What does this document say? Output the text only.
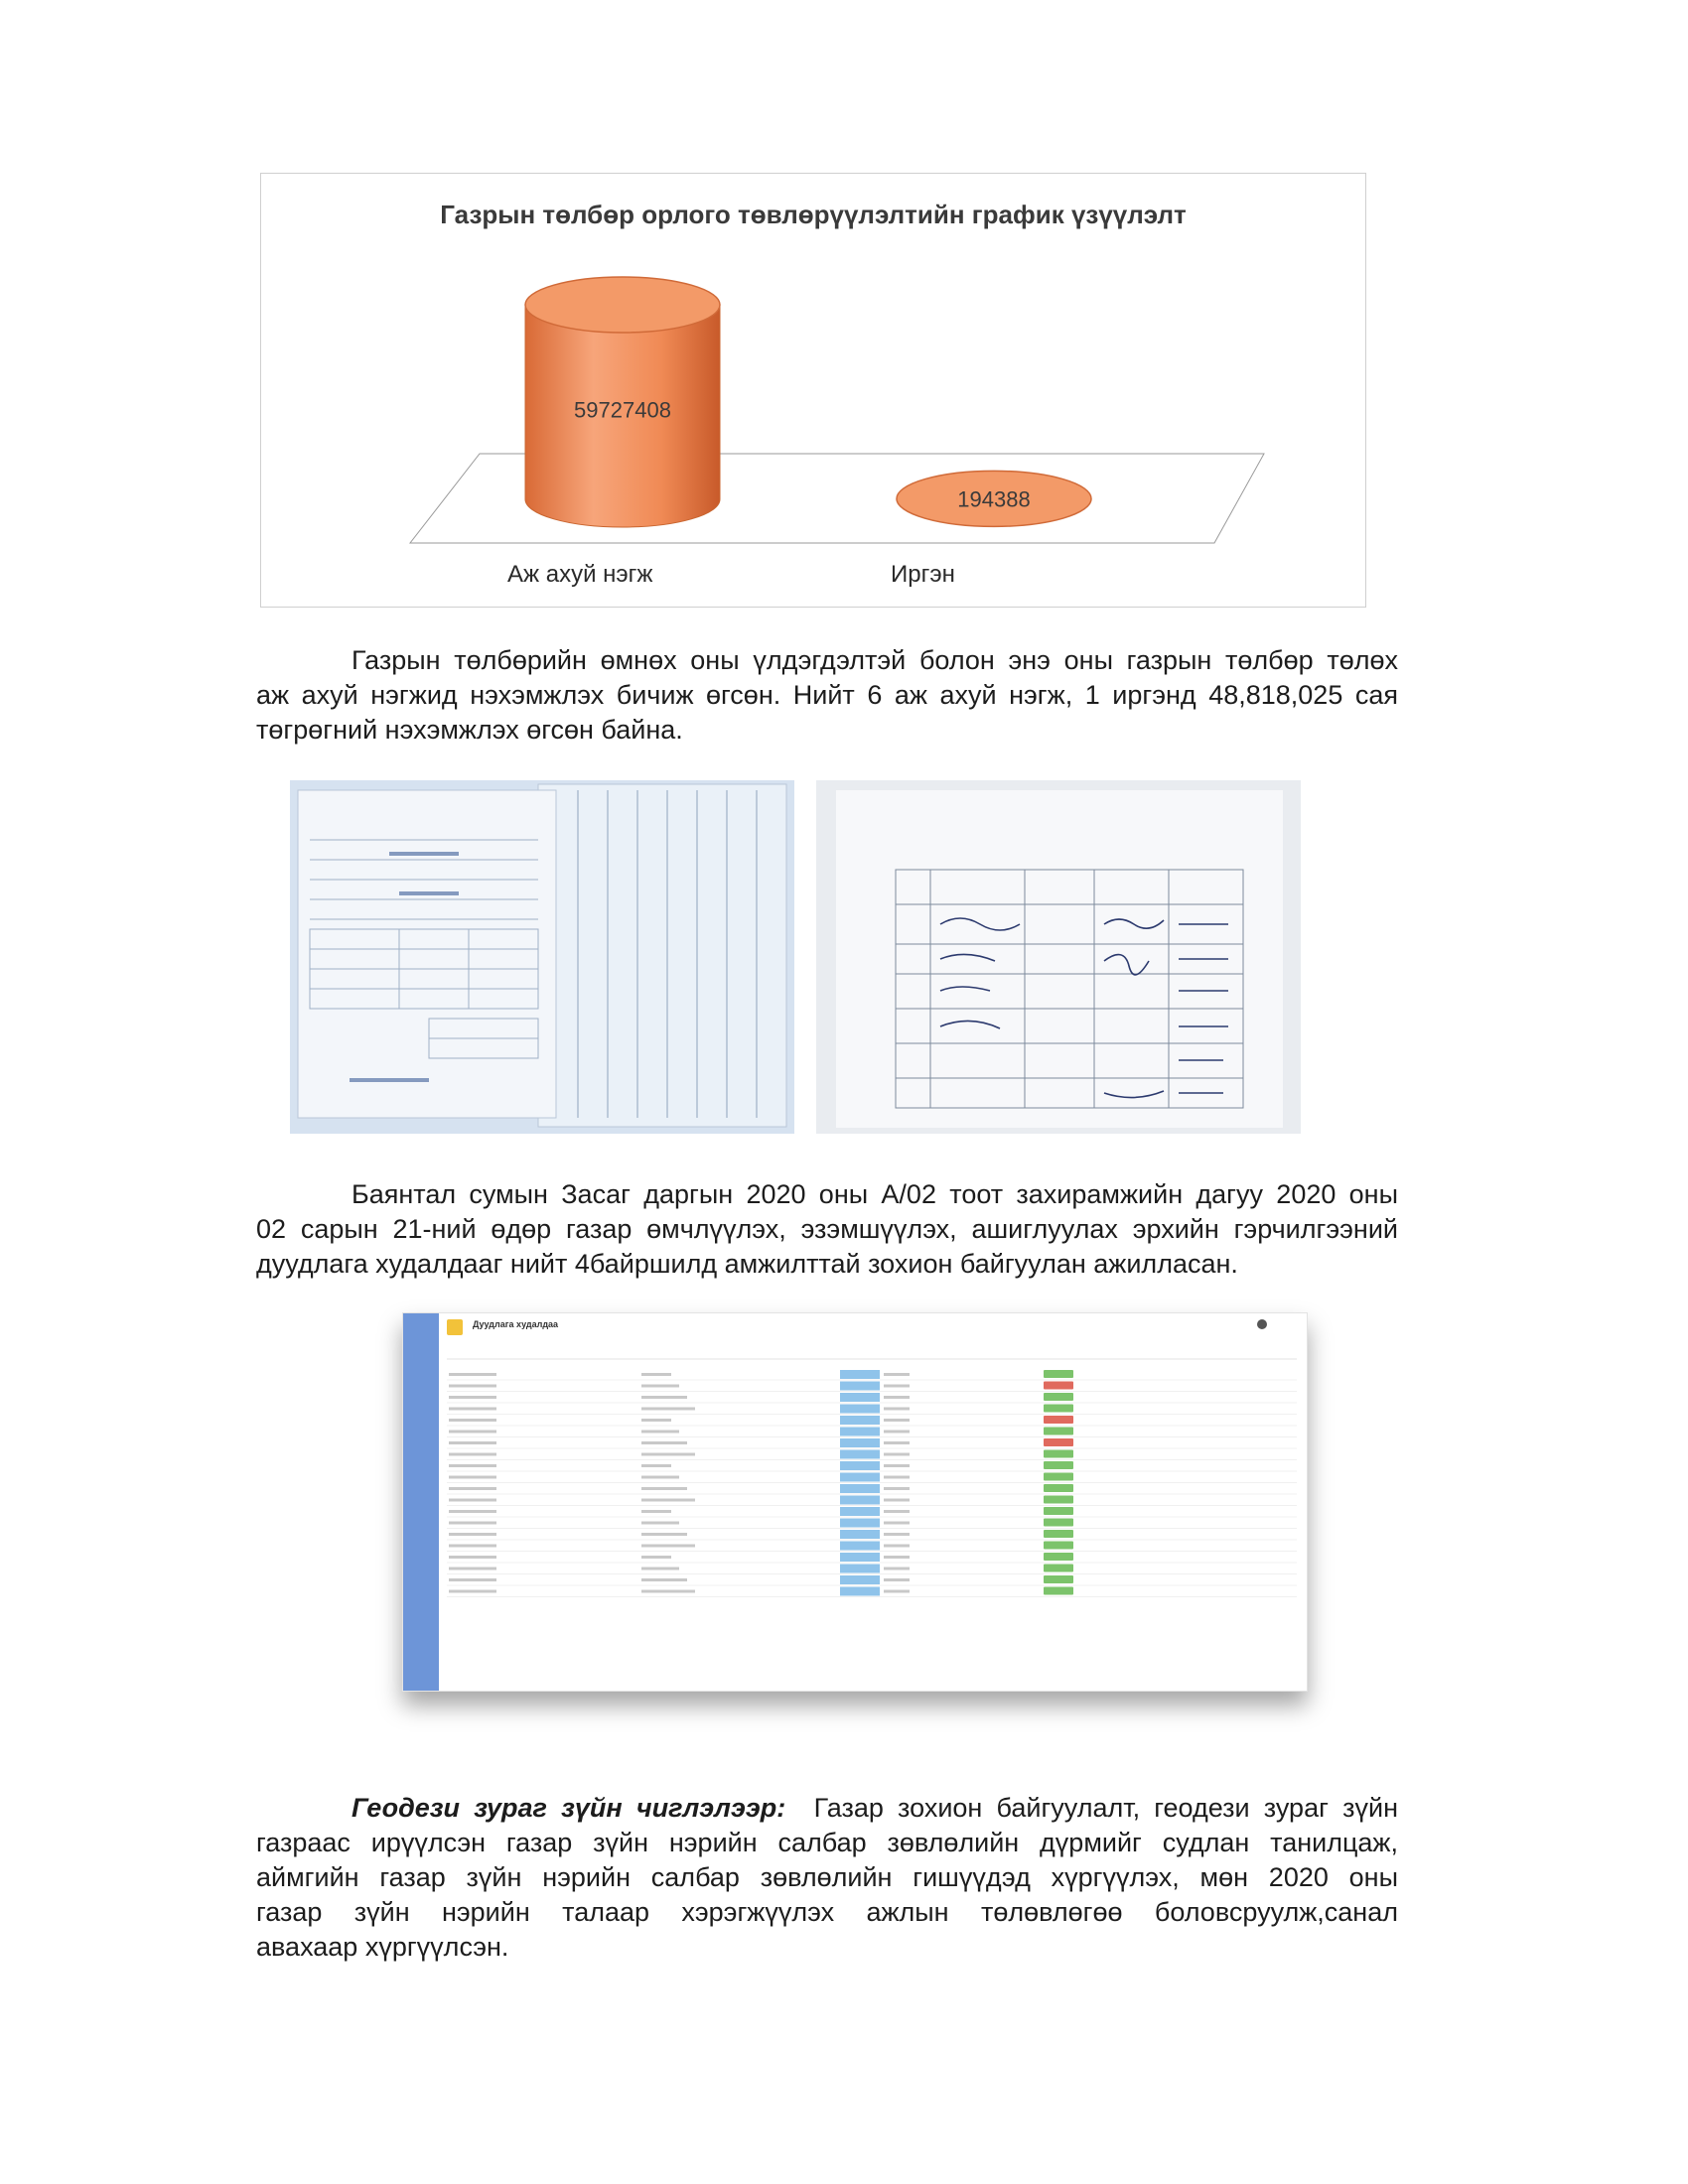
Газрын төлбөр орлого төвлөрүүлэлтийн график үзүүлэлт
59727408
194388
Аж ахуй нэгж	Иргэн

Газрын төлбөрийн өмнөх оны үлдэгдэлтэй болон энэ оны газрын төлбөр төлөх
аж ахуй нэгжид нэхэмжлэх бичиж өгсөн. Нийт 6 аж ахуй нэгж, 1 иргэнд 48,818,025 сая
төгрөгний нэхэмжлэх өгсөн байна.

Баянтал сумын Засаг даргын 2020 оны А/02 тоот захирамжийн дагуу 2020 оны
02 сарын 21-ний өдөр газар өмчлүүлэх, эзэмшүүлэх, ашиглуулах эрхийн гэрчилгээний
дуудлага худалдааг нийт 4байршилд амжилттай зохион байгуулан ажилласан.

Дуудлага худалдаа

Геодези зураг зүйн чиглэлээр: Газар зохион байгуулалт, геодези зураг зүйн
газраас ирүүлсэн газар зүйн нэрийн салбар зөвлөлийн дүрмийг судлан танилцаж,
аймгийн газар зүйн нэрийн салбар зөвлөлийн гишүүдэд хүргүүлэх, мөн 2020 оны
газар зүйн нэрийн талаар хэрэгжүүлэх ажлын төлөвлөгөө боловсруулж,санал
авахаар хүргүүлсэн.
